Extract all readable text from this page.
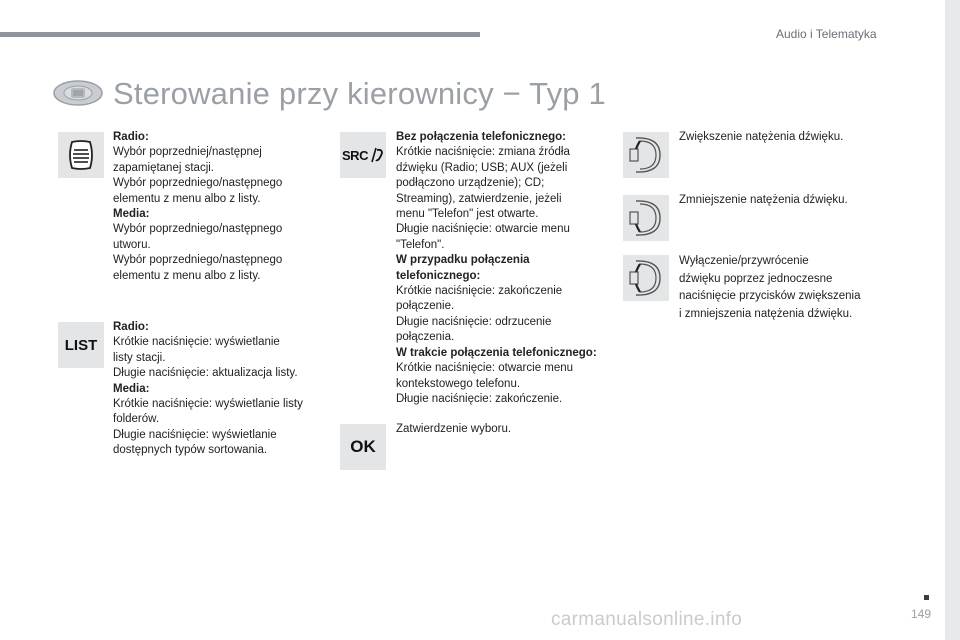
Audio i Telematyka
Sterowanie przy kierownicy − Typ 1
Radio:
Wybór poprzedniej/następnej
zapamiętanej stacji.
Wybór poprzedniego/następnego
elementu z menu albo z listy.
Media:
Wybór poprzedniego/następnego
utworu.
Wybór poprzedniego/następnego
elementu z menu albo z listy.
LIST
Radio:
Krótkie naciśnięcie: wyświetlanie
listy stacji.
Długie naciśnięcie: aktualizacja listy.
Media:
Krótkie naciśnięcie: wyświetlanie listy
folderów.
Długie naciśnięcie: wyświetlanie
dostępnych typów sortowania.
SRC
Bez połączenia telefonicznego:
Krótkie naciśnięcie: zmiana źródła
dźwięku (Radio; USB; AUX (jeżeli
podłączono urządzenie); CD;
Streaming), zatwierdzenie, jeżeli
menu "Telefon" jest otwarte.
Długie naciśnięcie: otwarcie menu
"Telefon".
W przypadku połączenia
telefonicznego:
Krótkie naciśnięcie: zakończenie
połączenie.
Długie naciśnięcie: odrzucenie
połączenia.
W trakcie połączenia telefonicznego:
Krótkie naciśnięcie: otwarcie menu
kontekstowego telefonu.
Długie naciśnięcie: zakończenie.
OK
Zatwierdzenie wyboru.
Zwiększenie natężenia dźwięku.
Zmniejszenie natężenia dźwięku.
Wyłączenie/przywrócenie
dźwięku poprzez jednoczesne
naciśnięcie przycisków zwiększenia
i zmniejszenia natężenia dźwięku.
149
carmanualsonline.info
